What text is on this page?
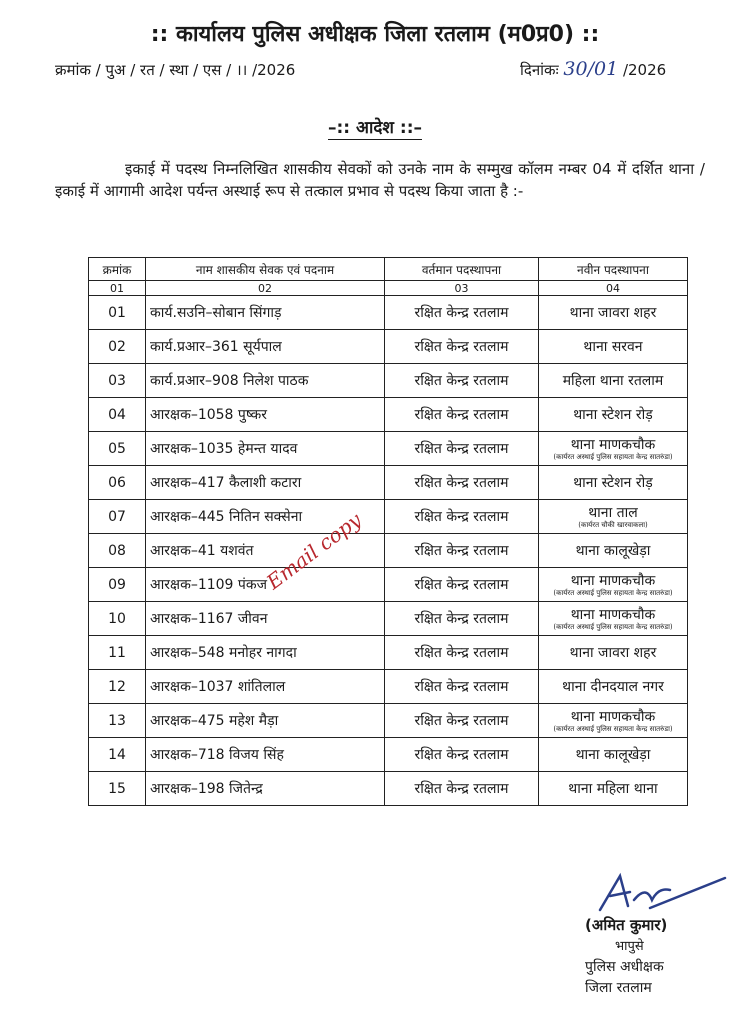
:: कार्यालय पुलिस अधीक्षक जिला रतलाम (म0प्र0) ::
क्रमांक / पुअ / रत / स्था / एस / ।। /2026	दिनांकः 30/01 /2026
–:: आदेश ::–
इकाई में पदस्थ निम्नलिखित शासकीय सेवकों को उनके नाम के सम्मुख कॉलम नम्बर 04 में दर्शित थाना / इकाई में आगामी आदेश पर्यन्त अस्थाई रूप से तत्काल प्रभाव से पदस्थ किया जाता है :-
क्रमांक	नाम शासकीय सेवक एवं पदनाम	वर्तमान पदस्थापना	नवीन पदस्थापना
01	02	03	04
01	कार्य.सउनि–सोबान सिंगाड़	रक्षित केन्द्र रतलाम	थाना जावरा शहर
02	कार्य.प्रआर–361 सूर्यपाल	रक्षित केन्द्र रतलाम	थाना सरवन
03	कार्य.प्रआर–908 निलेश पाठक	रक्षित केन्द्र रतलाम	महिला थाना रतलाम
04	आरक्षक–1058 पुष्कर	रक्षित केन्द्र रतलाम	थाना स्टेशन रोड़
05	आरक्षक–1035 हेमन्त यादव	रक्षित केन्द्र रतलाम	थाना माणकचौक
(कार्यरत अस्थाई पुलिस सहायता केन्द्र सातरुंडा)

06	आरक्षक–417 कैलाशी कटारा	रक्षित केन्द्र रतलाम	थाना स्टेशन रोड़
07	आरक्षक–445 नितिन सक्सेना	रक्षित केन्द्र रतलाम	थाना ताल
(कार्यरत चौकी खारवाकला)

08	आरक्षक–41 यशवंत	रक्षित केन्द्र रतलाम	थाना कालूखेड़ा
09	आरक्षक–1109 पंकज	रक्षित केन्द्र रतलाम	थाना माणकचौक
(कार्यरत अस्थाई पुलिस सहायता केन्द्र सातरुंडा)

10	आरक्षक–1167 जीवन	रक्षित केन्द्र रतलाम	थाना माणकचौक
(कार्यरत अस्थाई पुलिस सहायता केन्द्र सातरुंडा)

11	आरक्षक–548 मनोहर नागदा	रक्षित केन्द्र रतलाम	थाना जावरा शहर
12	आरक्षक–1037 शांतिलाल	रक्षित केन्द्र रतलाम	थाना दीनदयाल नगर
13	आरक्षक–475 महेश मैड़ा	रक्षित केन्द्र रतलाम	थाना माणकचौक
(कार्यरत अस्थाई पुलिस सहायता केन्द्र सातरुंडा)

14	आरक्षक–718 विजय सिंह	रक्षित केन्द्र रतलाम	थाना कालूखेड़ा
15	आरक्षक–198 जितेन्द्र	रक्षित केन्द्र रतलाम	थाना महिला थाना
Email copy
(अमित कुमार)
भापुसे
पुलिस अधीक्षक
जिला रतलाम
